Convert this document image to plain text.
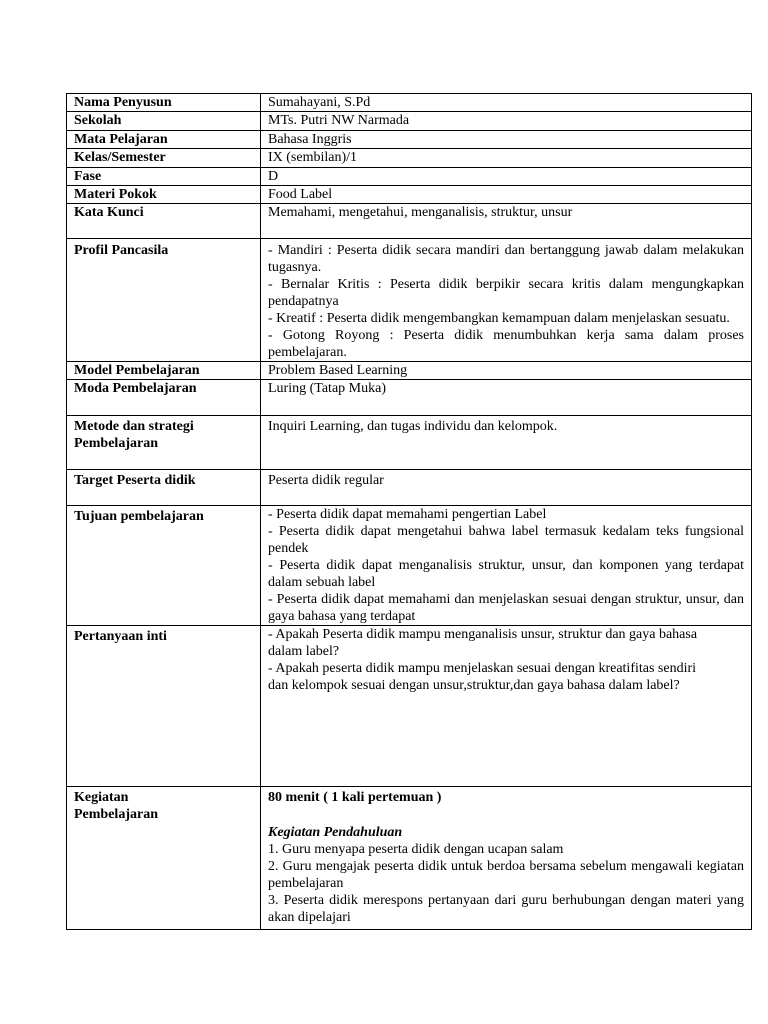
Nama Penyusun	Sumahayani, S.Pd
Sekolah	MTs. Putri NW Narmada
Mata Pelajaran	Bahasa Inggris
Kelas/Semester	IX (sembilan)/1
Fase	D
Materi Pokok	Food Label
Kata Kunci	Memahami, mengetahui, menganalisis, struktur, unsur
Profil Pancasila	- Mandiri : Peserta didik secara mandiri dan bertanggung jawab dalam melakukan tugasnya.

- Bernalar Kritis : Peserta didik berpikir secara kritis dalam mengungkapkan pendapatnya

- Kreatif : Peserta didik mengembangkan kemampuan dalam menjelaskan sesuatu.

- Gotong Royong : Peserta didik menumbuhkan kerja sama dalam proses pembelajaran.

Model Pembelajaran	Problem Based Learning
Moda Pembelajaran	Luring (Tatap Muka)
Metode dan strategi Pembelajaran	Inquiri Learning, dan tugas individu dan kelompok.
Target Peserta didik	Peserta didik regular
Tujuan pembelajaran	- Peserta didik dapat memahami pengertian Label

- Peserta didik dapat mengetahui bahwa label termasuk kedalam teks fungsional pendek

- Peserta didik dapat menganalisis struktur, unsur, dan komponen yang terdapat dalam sebuah label

- Peserta didik dapat memahami dan menjelaskan sesuai dengan struktur, unsur, dan gaya bahasa yang terdapat

Pertanyaan inti	- Apakah Peserta didik mampu menganalisis unsur, struktur dan gaya bahasa dalam label?

- Apakah peserta didik mampu menjelaskan sesuai dengan kreatifitas sendiri dan kelompok sesuai dengan unsur,struktur,dan gaya bahasa dalam label?

Kegiatan Pembelajaran	80 menit ( 1 kali pertemuan )

Kegiatan Pendahuluan

1. Guru menyapa peserta didik dengan ucapan salam

2. Guru mengajak peserta didik untuk berdoa bersama sebelum mengawali kegiatan pembelajaran

3. Peserta didik merespons pertanyaan dari guru berhubungan dengan materi yang akan dipelajari
